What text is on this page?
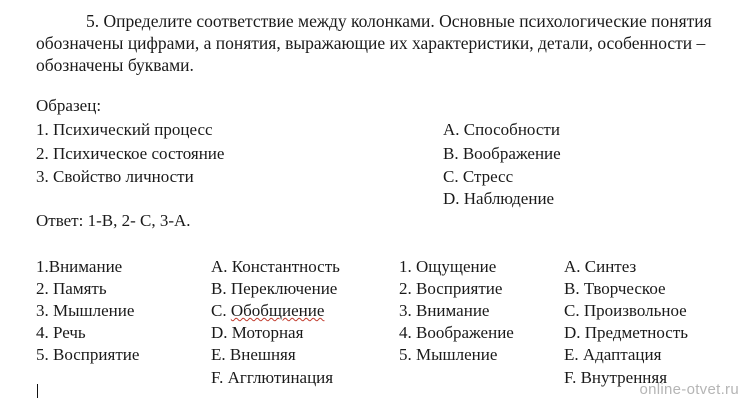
5. Определите соответствие между колонками. Основные психологические понятия обозначены цифрами, а понятия, выражающие их характеристики, детали, особенности – обозначены буквами.
Образец:
1. Психический процесс
2. Психическое состояние
3. Свойство личности
А. Способности
В. Воображение
С. Стресс
D. Наблюдение
Ответ: 1-В, 2- С, 3-А.
1.Внимание
2. Память
3. Мышление
4. Речь
5. Восприятие
А. Константность
В. Переключение
С. Обобщиение
D. Моторная
Е. Внешняя
F. Агглютинация
1. Ощущение
2. Восприятие
3. Внимание
4. Воображение
5. Мышление
А. Синтез
В. Творческое
С. Произвольное
D. Предметность
Е. Адаптация
F. Внутренняя
online-otvet.ru
